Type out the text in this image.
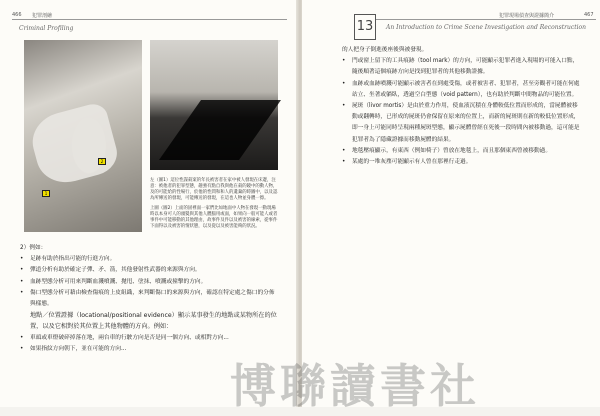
466 犯罪剖繪
Criminal Profiling
1
2
左（圖1）這位性謀殺案的年長被害者在家中被人發現在床邊，注意：被他者的犯罪型態，趣強有點自我與他在殺的鏡中的動人物，及的可能給的性場行，於他的性問和和人的遺棄的時圖中，以及認為所傳送的發現，可能傳送的發現，在這也人物並身體一擦。
上圖（圖2）上面的固裡面一家們比如地面中人物在發現一動現場時以本身可人的頭髮與其他人體腦用或面，如果向一般可能人或者事件中可能移動的其他理由，故事件及件以及被害的線索，從事件下面得以及被害的情狀態，以及從以及被害能夠的狀況。
2）例如：
• 足跡有助於指出可能的行進方向。
• 彈道分析有助於確定子彈、矛、箭，其他發射性武器的來源與方向。
• 血跡型態分析可用來判斷血濺噴濺、拋甩、塗抹、噴濺或撞擊的方向。
• 傷口型態分析可藉由檢查傷痕的上皮組織，來判斷傷口的來源與方向，確認在特定處之傷口的分佈與樣態。
地點／位置證據（locational/positional evidence）顯示某事發生的地點或某物所在的位置，以及它相對於其位置上其他物體的方向。例如：
• 車頭或車燈破碎掉落在地，兩台車的行駛方向是否是同一個方向、或相對方向...
• 如果指紋方向朝下，並在可能的方向...
13
犯罪現場偵查與證據簡介	467
An Introduction to Crime Scene Investigation and Reconstruction
的人把身子倒進後座後與被發現。
• 門或窗上留下的工具痕跡（tool mark）的方向，可能顯示犯罪者進入現場的可能入口點，隨後順著這個痕跡方向是找到犯罪者的其他移動證據。
• 血跡或血跡噴濺可能顯示被害者在到處受傷，或者被害者、犯罪者，甚至旁觀者可能在何處站立、坐著或躺臥，透過空白型態（void pattern），也有助於判斷中間物品的可能位置。
• 屍斑（livor mortis）是由於重力作用，使血液沉積在身體較低位置而形成的，當屍體被移動或翻轉時，已形成的屍斑仍會保留在原來的位置上，而新的屍斑則在新的較低位置形成，即一身上可能同時呈現兩種屍斑型態，顯示屍體曾經在死後一段時間內被移動過，這可能是犯罪者為了隱藏證據而移動屍體的結果。
• 地毯壓痕顯示，有東西（例如椅子）曾放在地毯上，而且那個東西曾被移動過。
• 某處的一堆灰塵可能顯示有人曾在那裡行走過。
博聯讀書社
